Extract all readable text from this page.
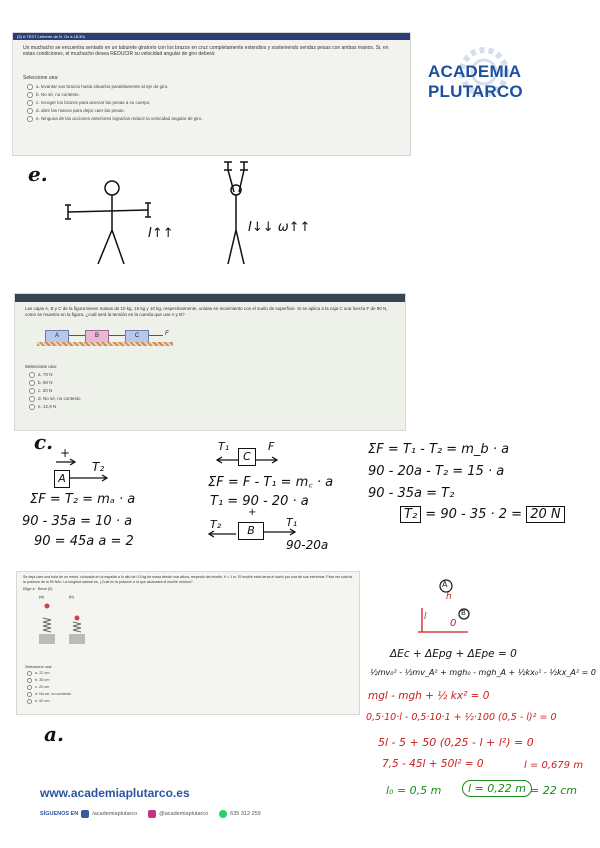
(5) # TEST Lehrerin da N. Ox a 18:30)
Un muchacho se encuentra sentado en un taburete giratorio con los brazos en cruz completamente extendios y sosteniendo sendas pesas con ambas manos. Si, en estas condiciones, el muchacho desea REDUCIR su velocidad angular de giro deberá:
Seleccione una:
a. levantar sus brazos hasta situarlos paralelamente al eje de giro.
b. No sé, no contesto.
c. recoger los brazos para acercar las pesas a su cuerpo.
d. abrir las manos para dejar caer las pesas.
e. Ninguna de las acciones anteriores lograrías reducir la velocidad angular de giro.
ACADEMIA PLUTARCO
e.
I↑↑	I↓↓ ω↑↑
Las cajas A, B y C de la figura tienen masas de 10 kg, 15 kg y 10 kg, respectivamente, unidas en movimiento con el suelo de superficie. Si se aplica a la caja C una fuerza F de 90 N, como se muestra en la figura, ¿cuál será la tensión en la cuerda que une A y B?
A	B	C	F
Seleccione una:
a. 70 N
b. 90 N
c. 20 N
d. No sé, no contesto
e. 12,9 N
c. +
A
T₂
ΣF = T₂ = mₐ · a
90 - 35a = 10 · a
90 = 45a a = 2
T₁	F
C
ΣF = F - T₁ = m꜀ · a
T₁ = 90 - 20 · a
+
T₂	T₁
B
90-20a
ΣF = T₁ - T₂ = m_b · a
90 - 20a - T₂ = 15 · a
90 - 35a = T₂
T₂ = 90 - 35 · 2 = 20 N
Se deja caer una bola de un metro, colocada en la espalda a lo alto de 0,5 kg de masa desde una altura, respecto del muelle, h = 1 m. El muelle está cerca el suelo por una de sus extremos. Para ver cuál es la posición de la 50 N/m. La longitud natural es, ¿Cuál es la posición a la que alcanzará el muelle mínimo?
Elige a · Bene (0)
(a)	(b)
Seleccione una:
a. 22 cm
b. 35 cm
c. 20 cm
d. No sé, no contesto
e. 60 cm
a.
A
B
h
l
0
ΔEc + ΔEpg + ΔEpe = 0
½mv₀² - ½mv_A² + mgh₀ - mgh_A + ½kx₀² - ½kx_A² = 0
mgl - mgh + ½ kx² = 0
0,5·10·l - 0,5·10·1 + ½·100 (0,5 - l)² = 0
5l - 5 + 50 (0,25 - l + l²) = 0
7,5 - 45l + 50l² = 0	l = 0,679 m
l₀ = 0,5 m	l = 0,22 m = 22 cm
www.academiaplutarco.es
SÍGUENOS EN	/academiaplutarco	@academiaplutarco	635 312 259
